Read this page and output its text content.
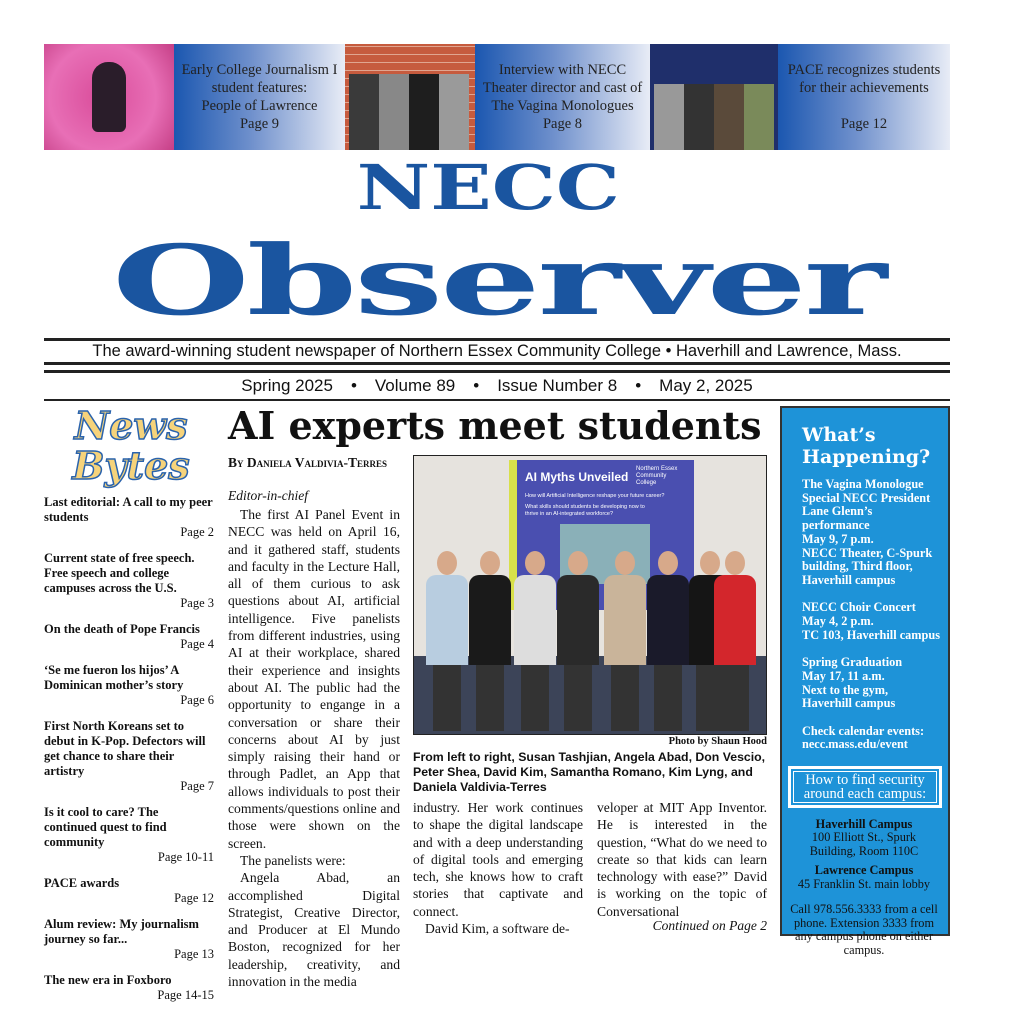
Early College Journalism I
student features:
People of Lawrence
Page 9
Interview with NECC
Theater director and cast of
The Vagina Monologues
Page 8
PACE recognizes students
for their achievements
Page 12
NECC
Observer
The award-winning student newspaper of Northern Essex Community College • Haverhill and Lawrence, Mass.
Spring 2025 • Volume 89 • Issue Number 8 • May 2, 2025
News
Bytes
Last editorial: A call to my peer students
Page 2
Current state of free speech. Free speech and college campuses across the U.S.
Page 3
On the death of Pope Francis
Page 4
‘Se me fueron los hijos’ A Dominican mother’s story
Page 6
First North Koreans set to debut in K-Pop. Defectors will get chance to share their artistry
Page 7
Is it cool to care? The continued quest to find community
Page 10-11
PACE awards
Page 12
Alum review: My journalism journey so far...
Page 13
The new era in Foxboro
Page 14-15
AI experts meet students
By Daniela Valdivia-Terres
Editor-in-chief

The first AI Panel Event in NECC was held on April 16, and it gathered staff, students and faculty in the Lecture Hall, all of them curious to ask questions about AI, artificial intelligence. Five panelists from different industries, using AI at their workplace, shared their experience and insights about AI. The public had the opportunity to engange in a conversation or share their concerns about AI by just simply raising their hand or through Padlet, an App that allows individuals to post their comments/questions online and those were shown on the screen.

The panelists were:

Angela Abad, an accomplished Digital Strategist, Creative Director, and Producer at El Mundo Boston, recognized for her leadership, creativity, and innovation in the media

AI Myths Unveiled
Northern Essex Community College
How will Artificial Intelligence reshape your future career?
What skills should students be developing now to thrive in an AI-integrated workforce?
Photo by Shaun Hood
From left to right, Susan Tashjian, Angela Abad, Don Vescio, Peter Shea, David Kim, Samantha Romano, Kim Lyng, and Daniela Valdivia-Terres

industry. Her work continues to shape the digital landscape and with a deep understanding of digital tools and emerging tech, she knows how to craft stories that captivate and connect.

David Kim, a software de-

veloper at MIT App Inventor. He is interested in the question, “What do we need to create so that kids can learn technology with ease?” David is working on the topic of Conversational

Continued on Page 2
What’s Happening?
The Vagina Monologue
Special NECC President
Lane Glenn’s performance
May 9, 7 p.m.
NECC Theater, C-Spurk building, Third floor, Haverhill campus
NECC Choir Concert
May 4, 2 p.m.
TC 103, Haverhill campus
Spring Graduation
May 17, 11 a.m.
Next to the gym, Haverhill campus
Check calendar events:
necc.mass.edu/event
How to find security around each campus:
Haverhill Campus
100 Elliott St., Spurk Building, Room 110C
Lawrence Campus
45 Franklin St. main lobby
Call 978.556.3333 from a cell phone. Extension 3333 from any campus phone on either campus.
